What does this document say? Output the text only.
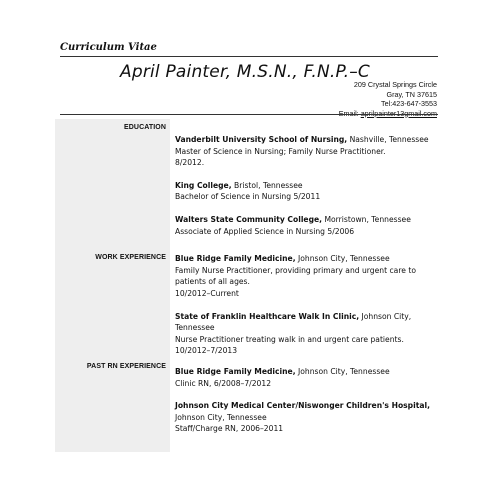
Curriculum Vitae
April Painter, M.S.N., F.N.P.–C
209 Crystal Springs Circle
Gray, TN 37615
Tel:423-647-3553
Email: aprilpainter13gmail.com
EDUCATION
WORK EXPERIENCE
PAST RN EXPERIENCE
Vanderbilt University School of Nursing, Nashville, Tennessee
Master of Science in Nursing; Family Nurse Practitioner.
8/2012.
King College, Bristol, Tennessee
Bachelor of Science in Nursing 5/2011
Walters State Community College, Morristown, Tennessee
Associate of Applied Science in Nursing 5/2006
Blue Ridge Family Medicine, Johnson City, Tennessee
Family Nurse Practitioner, providing primary and urgent care to patients of all ages.
10/2012–Current
State of Franklin Healthcare Walk In Clinic, Johnson City, Tennessee
Nurse Practitioner treating walk in and urgent care patients.
10/2012–7/2013
Blue Ridge Family Medicine, Johnson City, Tennessee
Clinic RN, 6/2008–7/2012
Johnson City Medical Center/Niswonger Children's Hospital, Johnson City, Tennessee
Staff/Charge RN, 2006–2011
